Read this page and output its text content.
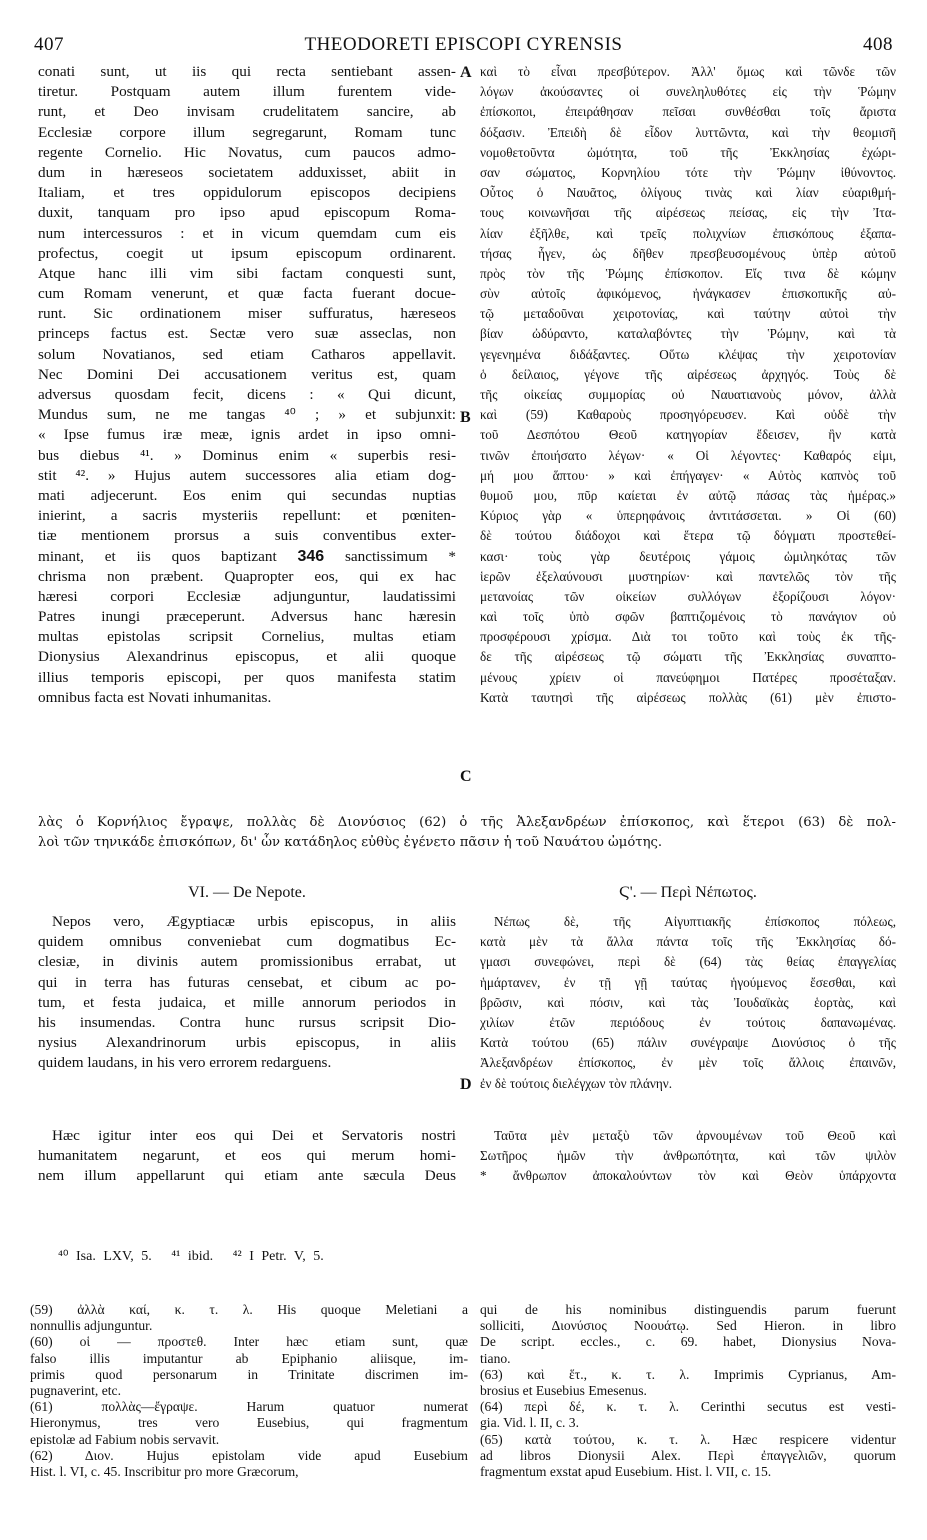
407	THEODORETI EPISCOPI CYRENSIS	408
conati sunt, ut iis qui recta sentiebant assen-
tiretur. Postquam autem illum furentem vide-
runt, et Deo invisam crudelitatem sancire, ab
Ecclesiæ corpore illum segregarunt, Romam tunc
regente Cornelio. Hic Novatus, cum paucos admo-
dum in hæreseos societatem adduxisset, abiit in
Italiam, et tres oppidulorum episcopos decipiens
duxit, tanquam pro ipso apud episcopum Roma-
num intercessuros : et in vicum quemdam cum eis
profectus, coegit ut ipsum episcopum ordinarent.
Atque hanc illi vim sibi factam conquesti sunt,
cum Romam venerunt, et quæ facta fuerant docue-
runt. Sic ordinationem miser suffuratus, hæreseos
princeps factus est. Sectæ vero suæ asseclas, non
solum Novatianos, sed etiam Catharos appellavit.
Nec Domini Dei accusationem veritus est, quam
adversus quosdam fecit, dicens : « Qui dicunt,
Mundus sum, ne me tangas ⁴⁰ ; » et subjunxit:
« Ipse fumus iræ meæ, ignis ardet in ipso omni-
bus diebus ⁴¹. » Dominus enim « superbis resi-
stit ⁴². » Hujus autem successores alia etiam dog-
mati adjecerunt. Eos enim qui secundas nuptias
inierint, a sacris mysteriis repellunt: et pœniten-
tiæ mentionem prorsus a suis conventibus exter-
minant, et iis quos baptizant 346 sanctissimum *
chrisma non præbent. Quapropter eos, qui ex hac
hæresi corpori Ecclesiæ adjunguntur, laudatissimi
Patres inungi præceperunt. Adversus hanc hæresin
multas epistolas scripsit Cornelius, multas etiam
Dionysius Alexandrinus episcopus, et alii quoque
illius temporis episcopi, per quos manifesta statim
omnibus facta est Novati inhumanitas.
καὶ τὸ εἶναι πρεσβύτερον. Ἀλλ' ὅμως καὶ τῶνδε τῶν
λόγων ἀκούσαντες οἱ συνεληλυθότες εἰς τὴν Ῥώμην
ἐπίσκοποι, ἐπειράθησαν πεῖσαι συνθέσθαι τοῖς ἄριστα
δόξασιν. Ἐπειδὴ δὲ εἶδον λυττῶντα, καὶ τὴν θεομισῆ
νομοθετοῦντα ὠμότητα, τοῦ τῆς Ἐκκλησίας ἐχώρι-
σαν σώματος, Κορνηλίου τότε τὴν Ῥώμην ἰθύνοντος.
Οὗτος ὁ Ναυᾶτος, ὀλίγους τινὰς καὶ λίαν εὐαριθμή-
τους κοινωνῆσαι τῆς αἱρέσεως πείσας, εἰς τὴν Ἰτα-
λίαν ἐξῆλθε, καὶ τρεῖς πολιχνίων ἐπισκόπους ἐξαπα-
τήσας ἦγεν, ὡς δῆθεν πρεσβευσομένους ὑπὲρ αὐτοῦ
πρὸς τὸν τῆς Ῥώμης ἐπίσκοπον. Εἴς τινα δὲ κώμην
σὺν αὐτοῖς ἀφικόμενος, ἠνάγκασεν ἐπισκοπικῆς αὐ-
τῷ μεταδοῦναι χειροτονίας, καὶ ταύτην αὐτοὶ τὴν
βίαν ὠδύραντο, καταλαβόντες τὴν Ῥώμην, καὶ τὰ
γεγενημένα διδάξαντες. Οὕτω κλέψας τὴν χειροτονίαν
ὁ δείλαιος, γέγονε τῆς αἱρέσεως ἀρχηγός. Τοὺς δὲ
τῆς οἰκείας συμμορίας οὐ Ναυατιανοὺς μόνον, ἀλλὰ
καὶ (59) Καθαροὺς προσηγόρευσεν. Καὶ οὐδὲ τὴν
τοῦ Δεσπότου Θεοῦ κατηγορίαν ἔδεισεν, ἣν κατὰ
τινῶν ἐποιήσατο λέγων· « Οἱ λέγοντες· Καθαρός εἰμι,
μή μου ἅπτου· » καὶ ἐπήγαγεν· « Αὐτὸς καπνὸς τοῦ
θυμοῦ μου, πῦρ καίεται ἐν αὐτῷ πάσας τὰς ἡμέρας.»
Κύριος γὰρ « ὑπερηφάνοις ἀντιτάσσεται. » Οἱ (60)
δὲ τούτου διάδοχοι καὶ ἕτερα τῷ δόγματι προστεθεί-
κασι· τοὺς γὰρ δευτέροις γάμοις ὡμιληκότας τῶν
ἱερῶν ἐξελαύνουσι μυστηρίων· καὶ παντελῶς τὸν τῆς
μετανοίας τῶν οἰκείων συλλόγων ἐξορίζουσι λόγον·
καὶ τοῖς ὑπὸ σφῶν βαπτιζομένοις τὸ πανάγιον οὐ
προσφέρουσι χρίσμα. Διὰ τοι τοῦτο καὶ τοὺς ἐκ τῆς-
δε τῆς αἱρέσεως τῷ σώματι τῆς Ἐκκλησίας συναπτο-
μένους χρίειν οἱ πανεύφημοι Πατέρες προσέταξαν.
Κατὰ ταυτησὶ τῆς αἱρέσεως πολλὰς (61) μὲν ἐπιστο-
A
B
C
D
λὰς ὁ Κορνήλιος ἔγραψε, πολλὰς δὲ Διονύσιος (62) ὁ τῆς Ἀλεξανδρέων ἐπίσκοπος, καὶ ἕτεροι (63) δὲ πολ-
λοὶ τῶν τηνικάδε ἐπισκόπων, δι' ὧν κατάδηλος εὐθὺς ἐγένετο πᾶσιν ἡ τοῦ Ναυάτου ὠμότης.
VI. — De Nepote.	Ϛ'. — Περὶ Νέπωτος.
Nepos vero, Ægyptiacæ urbis episcopus, in aliis
quidem omnibus conveniebat cum dogmatibus Ec-
clesiæ, in divinis autem promissionibus errabat, ut
qui in terra has futuras censebat, et cibum ac po-
tum, et festa judaica, et mille annorum periodos in
his insumendas. Contra hunc rursus scripsit Dio-
nysius Alexandrinorum urbis episcopus, in aliis
quidem laudans, in his vero errorem redarguens.
Hæc igitur inter eos qui Dei et Servatoris nostri
humanitatem negarunt, et eos qui merum homi-
nem illum appellarunt qui etiam ante sæcula Deus
Νέπως δὲ, τῆς Αἰγυπτιακῆς ἐπίσκοπος πόλεως,
κατὰ μὲν τὰ ἄλλα πάντα τοῖς τῆς Ἐκκλησίας δό-
γμασι συνεφώνει, περὶ δὲ (64) τὰς θείας ἐπαγγελίας
ἡμάρτανεν, ἐν τῇ γῇ ταύτας ἡγούμενος ἔσεσθαι, καὶ
βρῶσιν, καὶ πόσιν, καὶ τὰς Ἰουδαϊκὰς ἑορτὰς, καὶ
χιλίων ἐτῶν περιόδους ἐν τούτοις δαπανωμένας.
Κατὰ τούτου (65) πάλιν συνέγραψε Διονύσιος ὁ τῆς
Ἀλεξανδρέων ἐπίσκοπος, ἐν μὲν τοῖς ἄλλοις ἐπαινῶν,
ἐν δὲ τούτοις διελέγχων τὸν πλάνην.
Ταῦτα μὲν μεταξὺ τῶν ἀρνουμένων τοῦ Θεοῦ καὶ
Σωτῆρος ἡμῶν τὴν ἀνθρωπότητα, καὶ τῶν ψιλὸν
* ἄνθρωπον ἀποκαλούντων τὸν καὶ Θεὸν ὑπάρχοντα
⁴⁰ Isa. LXV, 5. ⁴¹ ibid. ⁴² I Petr. V, 5.
(59) ἀλλὰ καί, κ. τ. λ. His quoque Meletiani a
nonnullis adjunguntur.
(60) οἱ — προστεθ. Inter hæc etiam sunt, quæ
falso illis imputantur ab Epiphanio aliisque, im-
primis quod personarum in Trinitate discrimen im-
pugnaverint, etc.
(61) πολλὰς—ἔγραψε. Harum quatuor numerat
Hieronymus, tres vero Eusebius, qui fragmentum
epistolæ ad Fabium nobis servavit.
(62) Διον. Hujus epistolam vide apud Eusebium
Hist. l. VI, c. 45. Inscribitur pro more Græcorum,
qui de his nominibus distinguendis parum fuerunt
solliciti, Διονύσιος Νοουάτῳ. Sed Hieron. in libro
De script. eccles., c. 69. habet, Dionysius Nova-
tiano.
(63) καὶ ἕτ., κ. τ. λ. Imprimis Cyprianus, Am-
brosius et Eusebius Emesenus.
(64) περὶ δέ, κ. τ. λ. Cerinthi secutus est vesti-
gia. Vid. l. II, c. 3.
(65) κατὰ τούτου, κ. τ. λ. Hæc respicere videntur
ad libros Dionysii Alex. Περὶ ἐπαγγελιῶν, quorum
fragmentum exstat apud Eusebium. Hist. l. VII, c. 15.
